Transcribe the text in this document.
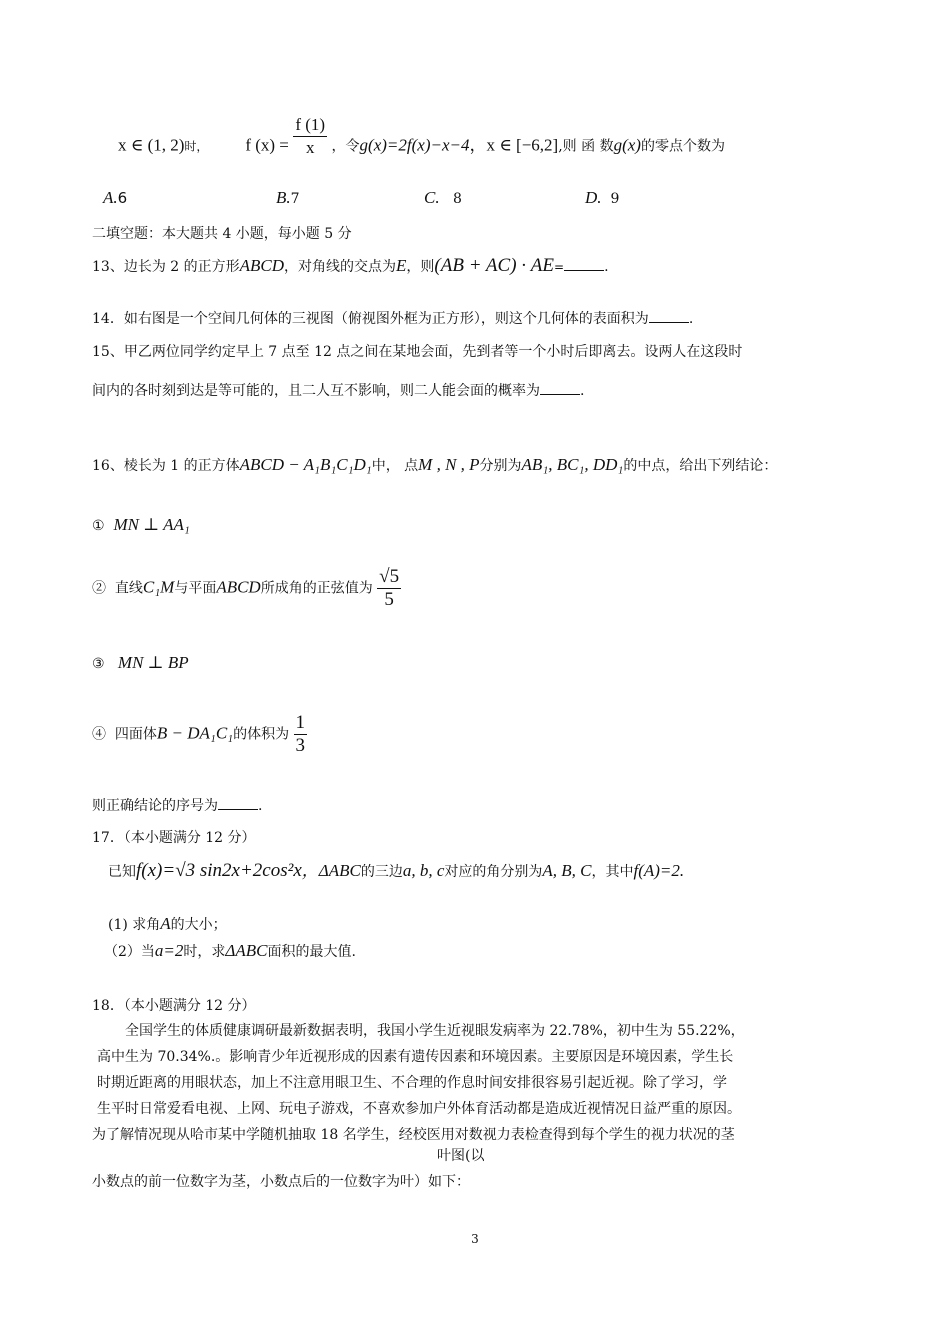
x ∈ (1, 2)时， f $(x) = \frac{f (1)}{x}$ ，令g(x)=2f(x)−x−4，x ∈ [−6,2],则 函 数g(x)的零点个数为
A.6	B.7	C. 8	D. 9
二填空题：本大题共 4 小题，每小题 5 分
13、边长为 2 的正方形ABCD，对角线的交点为E，则(AB + AC) · AE=	.
14．如右图是一个空间几何体的三视图（俯视图外框为正方形），则这个几何体的表面积为	.
15、甲乙两位同学约定早上 7 点至 12 点之间在某地会面，先到者等一个小时后即离去。设两人在这段时
间内的各时刻到达是等可能的，且二人互不影响，则二人能会面的概率为	.
16、棱长为 1 的正方体ABCD − A₁B₁C₁D₁中， 点M , N , P分别为AB₁, BC₁, DD₁的中点，给出下列结论：
① MN ⊥ AA₁
② 直线C₁M与平面ABCD所成角的正弦值为 $\frac{√5}{5}$
③ MN ⊥ BP
④ 四面体B − DA₁C₁的体积为 $\frac{1}{3}$
则正确结论的序号为	.
17．（本小题满分 12 分）
已知f(x)=√3 sin2x+2cos²x，ΔABC的三边a, b, c对应的角分别为A, B, C，其中f(A)=2.
(1) 求角A的大小；
（2）当a=2时，求ΔABC面积的最大值.
18．（本小题满分 12 分）
全国学生的体质健康调研最新数据表明，我国小学生近视眼发病率为 22.78%，初中生为 55.22%，
高中生为 70.34%.。影响青少年近视形成的因素有遗传因素和环境因素。主要原因是环境因素，学生长
时期近距离的用眼状态，加上不注意用眼卫生、不合理的作息时间安排很容易引起近视。除了学习，学
生平时日常爱看电视、上网、玩电子游戏，不喜欢参加户外体育活动都是造成近视情况日益严重的原因。
为了解情况现从哈市某中学随机抽取 18 名学生，经校医用对数视力表检查得到每个学生的视力状况的茎
叶图(以
小数点的前一位数字为茎，小数点后的一位数字为叶）如下：
3
